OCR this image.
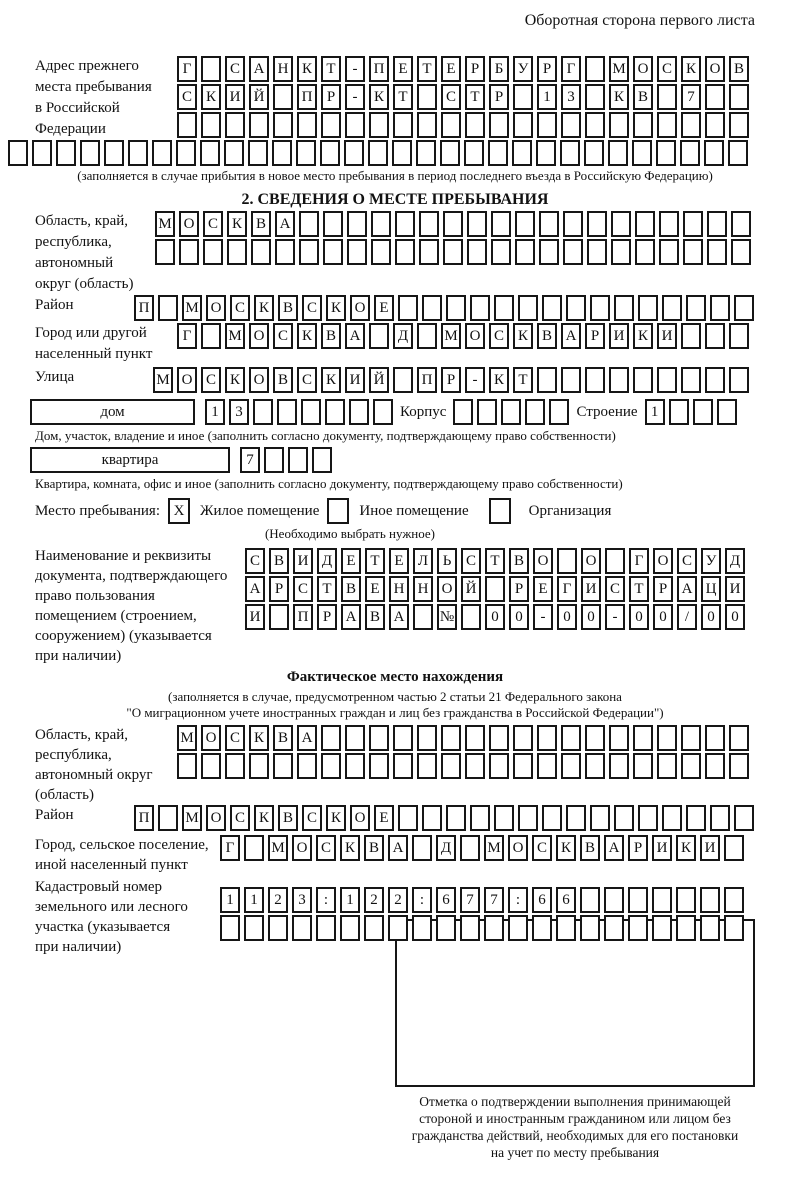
Оборотная сторона первого листа
Адрес прежнего
места пребывания
в Российской
Федерации
Г	С А Н К Т	-	П Е Т Е	Р	Б У Р	Г	М О С К О В
С К И Й	П Р	-	К Т	С Т	Р	1	3	К В	7
(заполняется в случае прибытия в новое место пребывания в период последнего въезда в Российскую Федерацию)
2. СВЕДЕНИЯ О МЕСТЕ ПРЕБЫВАНИЯ
Область, край,
республика,
автономный
округ (область)
М О С К В А
Район	П	М О С К В С К О Е
Город или другой
населенный пункт
Г	М О С К В А	Д	М О С К В А Р И К И
Улица	М О С К О В С К И Й	П Р	-	К Т
дом	1	3	Корпус	Строение 1
Дом, участок, владение и иное (заполнить согласно документу, подтверждающему право собственности)
квартира	7
Квартира, комната, офис и иное (заполнить согласно документу, подтверждающему право собственности)
Место пребывания: X	Жилое помещение	Иное помещение	Организация
(Необходимо выбрать нужное)
Наименование и реквизиты
документа, подтверждающего
право пользования
помещением (строением,
сооружением) (указывается
при наличии)
С В И Д Е Т Е Л Ь С Т В О	О	Г О С У Д
А Р С Т В Е Н Н О Й	Р	Е	Г И С Т	Р А Ц И
И	П Р А В А	№	0	0	-	0	0	-	0	0	/	0	0
Фактическое место нахождения
(заполняется в случае, предусмотренном частью 2 статьи 21 Федерального закона
"О миграционном учете иностранных граждан и лиц без гражданства в Российской Федерации")
Область, край,
республика,
автономный округ
(область)
М О С К В А
Район	П	М О С К В С К О Е
Город, сельское поселение,
иной населенный пункт
Г	М О С К В А	Д	М О С К В А Р И К И
Кадастровый номер
земельного или лесного
участка (указывается
при наличии)
1	1	2	3	:	1	2	2	:	6	7	7	:	6	6
Отметка о подтверждении выполнения принимающей
стороной и иностранным гражданином или лицом без
гражданства действий, необходимых для его постановки
на учет по месту пребывания
